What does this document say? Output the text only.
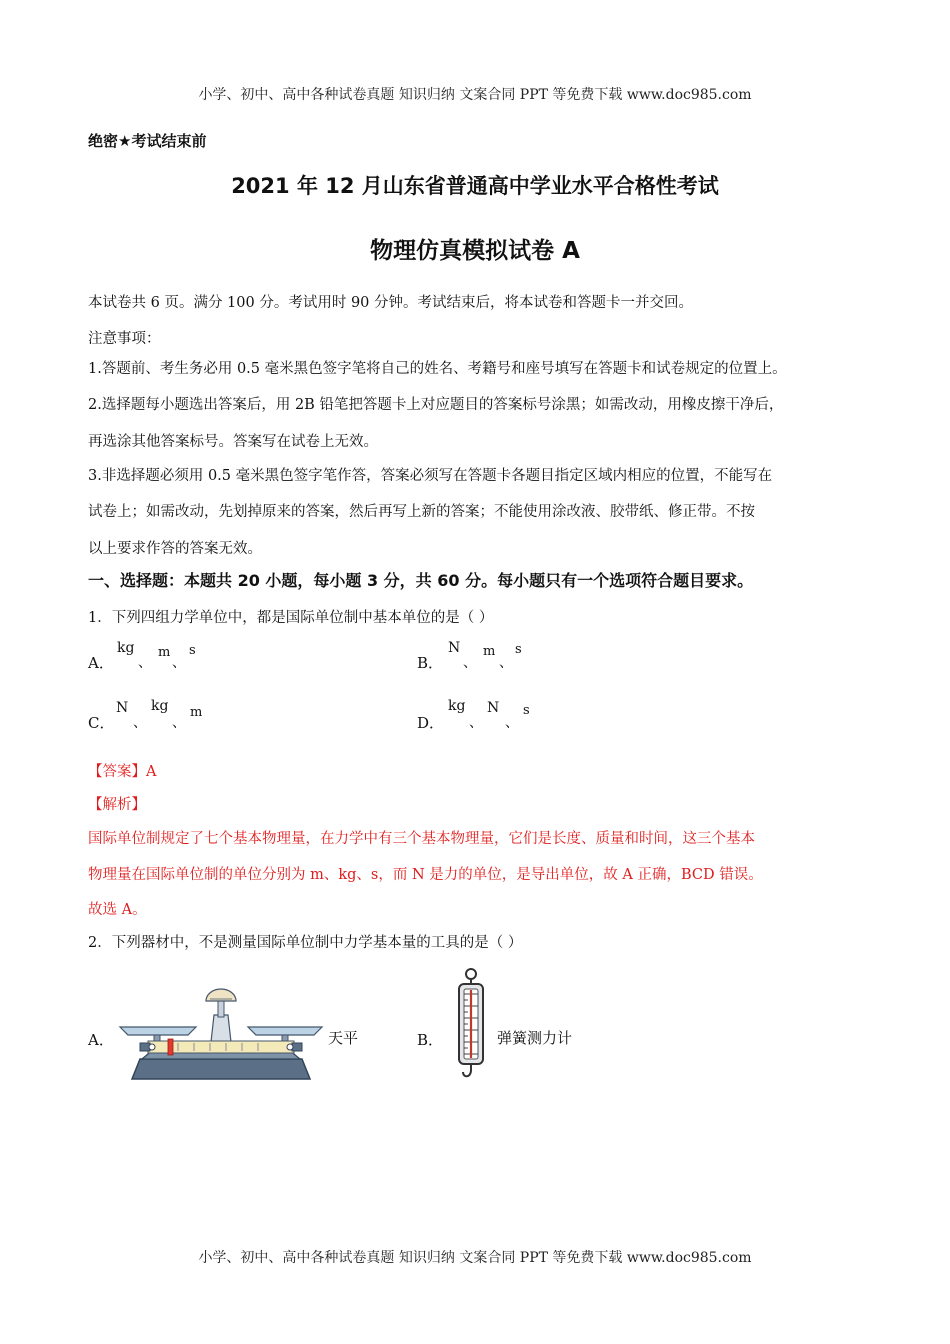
小学、初中、高中各种试卷真题 知识归纳 文案合同 PPT 等免费下载 www.doc985.com
绝密★考试结束前
2021 年 12 月山东省普通高中学业水平合格性考试
物理仿真模拟试卷 A
本试卷共 6 页。满分 100 分。考试用时 90 分钟。考试结束后，将本试卷和答题卡一并交回。
注意事项：
1.答题前、考生务必用 0.5 毫米黑色签字笔将自己的姓名、考籍号和座号填写在答题卡和试卷规定的位置上。
2.选择题每小题选出答案后，用 2B 铅笔把答题卡上对应题目的答案标号涂黑；如需改动，用橡皮擦干净后，
再选涂其他答案标号。答案写在试卷上无效。
3.非选择题必须用 0.5 毫米黑色签字笔作答，答案必须写在答题卡各题目指定区域内相应的位置，不能写在
试卷上；如需改动，先划掉原来的答案，然后再写上新的答案；不能使用涂改液、胶带纸、修正带。不按
以上要求作答的答案无效。
一、选择题：本题共 20 小题，每小题 3 分，共 60 分。每小题只有一个选项符合题目要求。
1．下列四组力学单位中，都是国际单位制中基本单位的是（ ）
A．
kg
、
m
、
s
B．
N
、
m
、
s
C．
N
、
kg
、
m
D．
kg
、
N
、
s
【答案】A
【解析】
国际单位制规定了七个基本物理量，在力学中有三个基本物理量，它们是长度、质量和时间，这三个基本
物理量在国际单位制的单位分别为 m、kg、s，而 N 是力的单位，是导出单位，故 A 正确，BCD 错误。
故选 A。
2．下列器材中，不是测量国际单位制中力学基本量的工具的是（ ）
A．	天平	B．	弹簧测力计
小学、初中、高中各种试卷真题 知识归纳 文案合同 PPT 等免费下载 www.doc985.com
